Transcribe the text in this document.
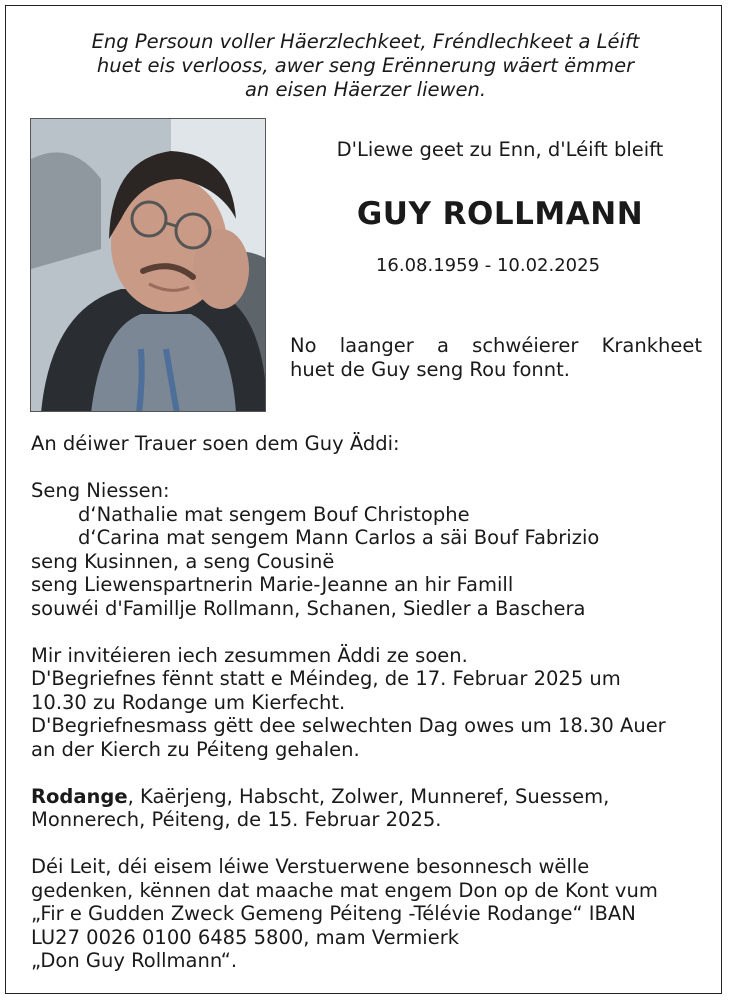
Eng Persoun voller Häerzlechkeet, Fréndlechkeet a Léift
huet eis verlooss, awer seng Erënnerung wäert ëmmer
an eisen Häerzer liewen.
D'Liewe geet zu Enn, d'Léift bleift
GUY ROLLMANN
16.08.1959 - 10.02.2025
No laanger a schwéierer Krankheet
huet de Guy seng Rou fonnt.
An déiwer Trauer soen dem Guy Äddi:
Seng Niessen:
d‘Nathalie mat sengem Bouf Christophe
d‘Carina mat sengem Mann Carlos a säi Bouf Fabrizio
seng Kusinnen, a seng Cousinë
seng Liewenspartnerin Marie-Jeanne an hir Famill
souwéi d'Famillje Rollmann, Schanen, Siedler a Baschera
Mir invitéieren iech zesummen Äddi ze soen.
D'Begriefnes fënnt statt e Méindeg, de 17. Februar 2025 um
10.30 zu Rodange um Kierfecht.
D'Begriefnesmass gëtt dee selwechten Dag owes um 18.30 Auer
an der Kierch zu Péiteng gehalen.
Rodange, Kaërjeng, Habscht, Zolwer, Munneref, Suessem,
Monnerech, Péiteng, de 15. Februar 2025.
Déi Leit, déi eisem léiwe Verstuerwene besonnesch wëlle
gedenken, kënnen dat maache mat engem Don op de Kont vum
„Fir e Gudden Zweck Gemeng Péiteng -Télévie Rodange“ IBAN
LU27 0026 0100 6485 5800, mam Vermierk
„Don Guy Rollmann“.
